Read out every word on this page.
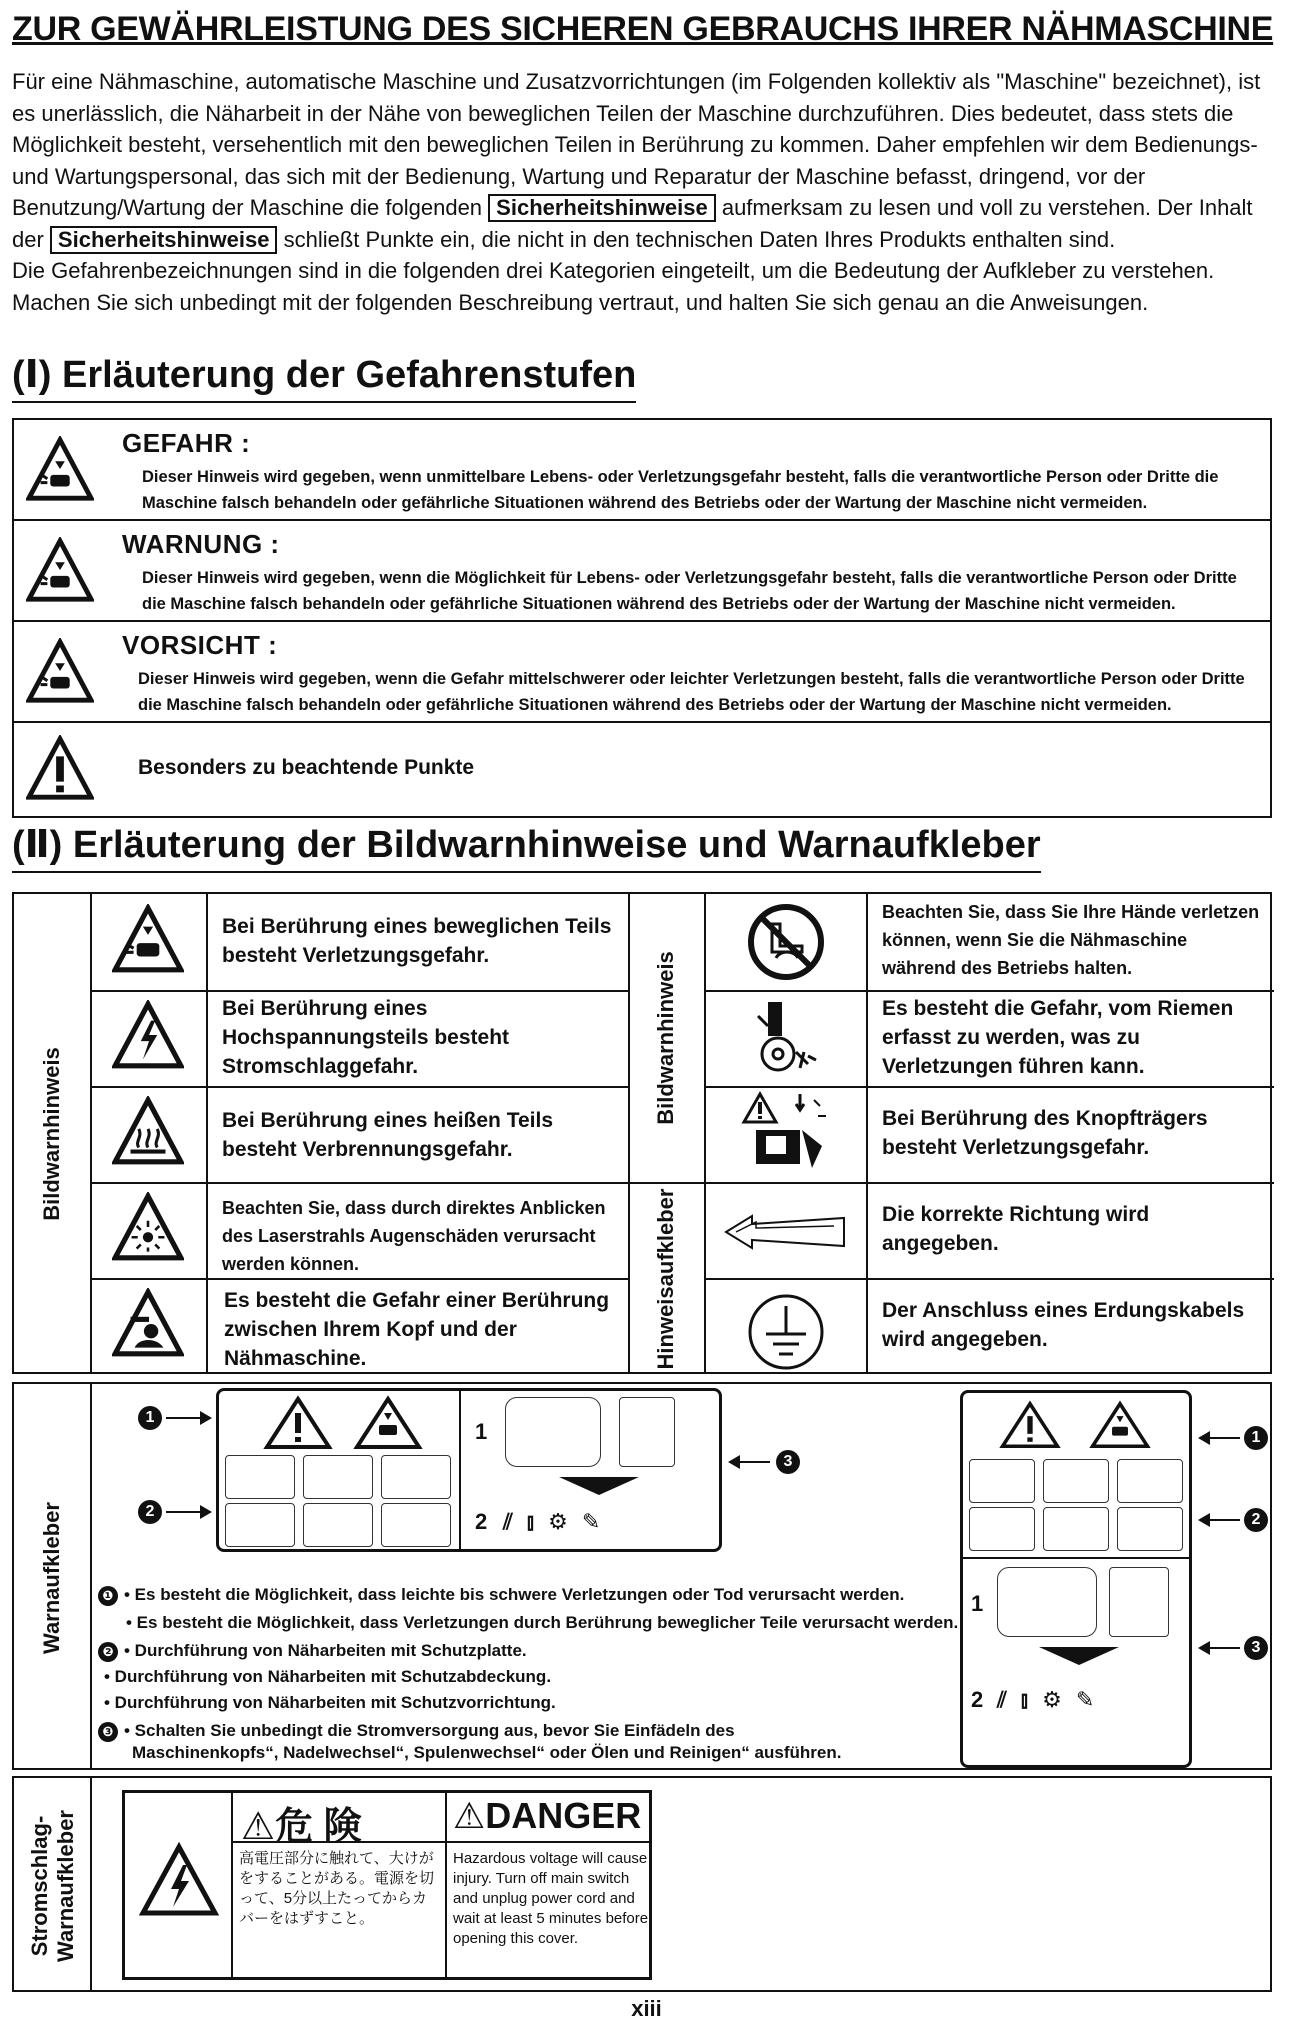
ZUR GEWÄHRLEISTUNG DES SICHEREN GEBRAUCHS IHRER NÄHMASCHINE
Für eine Nähmaschine, automatische Maschine und Zusatzvorrichtungen (im Folgenden kollektiv als "Maschine" bezeichnet), ist es unerlässlich, die Näharbeit in der Nähe von beweglichen Teilen der Maschine durchzuführen. Dies bedeutet, dass stets die Möglichkeit besteht, versehentlich mit den beweglichen Teilen in Berührung zu kommen. Daher empfehlen wir dem Bedienungs- und Wartungspersonal, das sich mit der Bedienung, Wartung und Reparatur der Maschine befasst, dringend, vor der Benutzung/Wartung der Maschine die folgenden Sicherheitshinweise aufmerksam zu lesen und voll zu verstehen. Der Inhalt der Sicherheitshinweise schließt Punkte ein, die nicht in den technischen Daten Ihres Produkts enthalten sind.
Die Gefahrenbezeichnungen sind in die folgenden drei Kategorien eingeteilt, um die Bedeutung der Aufkleber zu verstehen. Machen Sie sich unbedingt mit der folgenden Beschreibung vertraut, und halten Sie sich genau an die Anweisungen.
(Ⅰ) Erläuterung der Gefahrenstufen
GEFAHR :
Dieser Hinweis wird gegeben, wenn unmittelbare Lebens- oder Verletzungsgefahr besteht, falls die verantwortliche Person oder Dritte die Maschine falsch behandeln oder gefährliche Situationen während des Betriebs oder der Wartung der Maschine nicht vermeiden.
WARNUNG :
Dieser Hinweis wird gegeben, wenn die Möglichkeit für Lebens- oder Verletzungsgefahr besteht, falls die verantwortliche Person oder Dritte die Maschine falsch behandeln oder gefährliche Situationen während des Betriebs oder der Wartung der Maschine nicht vermeiden.
VORSICHT :
Dieser Hinweis wird gegeben, wenn die Gefahr mittelschwerer oder leichter Verletzungen besteht, falls die verantwortliche Person oder Dritte die Maschine falsch behandeln oder gefährliche Situationen während des Betriebs oder der Wartung der Maschine nicht vermeiden.
Besonders zu beachtende Punkte
(Ⅱ) Erläuterung der Bildwarnhinweise und Warnaufkleber
Bildwarnhinweis
Bildwarnhinweis
Hinweisaufkleber
Bei Berührung eines beweglichen Teils besteht Verletzungsgefahr.
Bei Berührung eines Hochspannungsteils besteht Stromschlaggefahr.
Bei Berührung eines heißen Teils besteht Verbrennungsgefahr.
Beachten Sie, dass durch direktes Anblicken des Laserstrahls Augenschäden verursacht werden können.
Es besteht die Gefahr einer Berührung zwischen Ihrem Kopf und der Nähmaschine.
Beachten Sie, dass Sie Ihre Hände verletzen können, wenn Sie die Nähmaschine während des Betriebs halten.
Es besteht die Gefahr, vom Riemen erfasst zu werden, was zu Verletzungen führen kann.
Bei Berührung des Knopfträgers besteht Verletzungsgefahr.
Die korrekte Richtung wird angegeben.
Der Anschluss eines Erdungskabels wird angegeben.
Warnaufkleber
1
2
1
2 ⫽ ⫾ ⚙ ✎
3
1
2 ⫽ ⫾ ⚙ ✎
1
2
3
❶ • Es besteht die Möglichkeit, dass leichte bis schwere Verletzungen oder Tod verursacht werden.
• Es besteht die Möglichkeit, dass Verletzungen durch Berührung beweglicher Teile verursacht werden.
❷ • Durchführung von Näharbeiten mit Schutzplatte.
• Durchführung von Näharbeiten mit Schutzabdeckung.
• Durchführung von Näharbeiten mit Schutzvorrichtung.
❸ • Schalten Sie unbedingt die Stromversorgung aus, bevor Sie Einfädeln des
Maschinenkopfs“, Nadelwechsel“, Spulenwechsel“ oder Ölen und Reinigen“ ausführen.
Stromschlag- Warnaufkleber	⚠危 険	⚠DANGER
高電圧部分に触れて、大けがをすることがある。電源を切って、5分以上たってからカバーをはずすこと。
Hazardous voltage will cause injury. Turn off main switch and unplug power cord and wait at least 5 minutes before opening this cover.
xiii
